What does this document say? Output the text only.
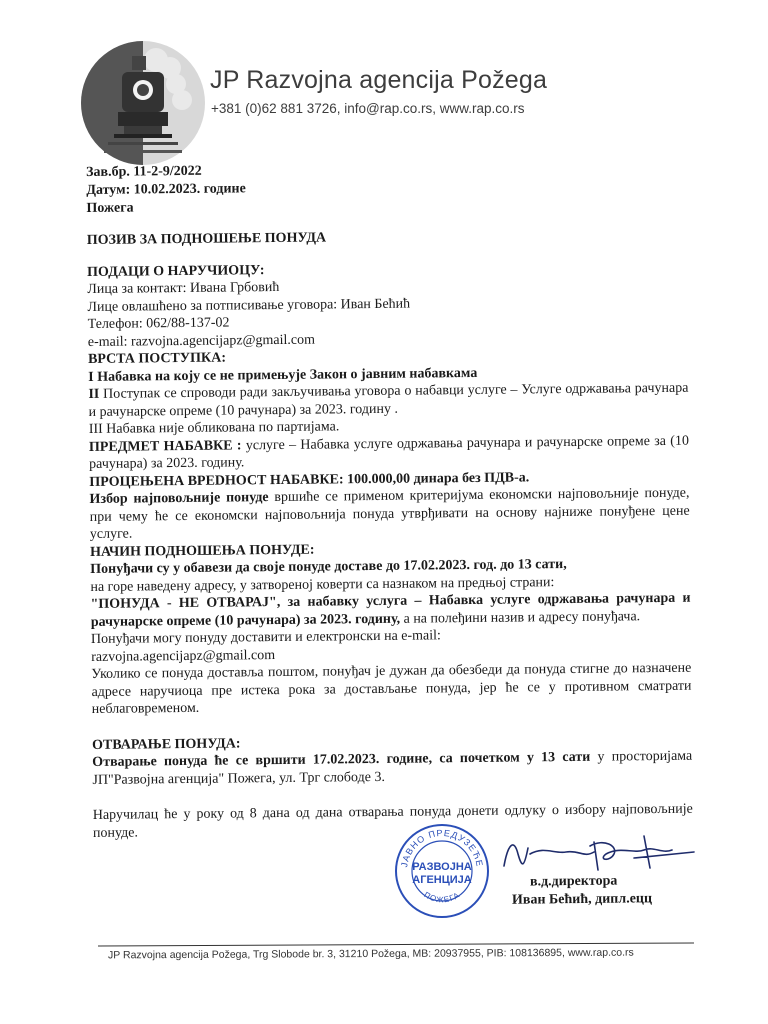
JP Razvojna agencija Požega
+381 (0)62 881 3726, info@rap.co.rs, www.rap.co.rs

Зав.бр. 11-2-9/2022

Датум: 10.02.2023. године

Пожега

ПОЗИВ ЗА ПОДНОШЕЊЕ ПОНУДА

ПОДАЦИ О НАРУЧИОЦУ:

Лица за контакт: Ивана Грбовић

Лице овлашћено за потписивање уговора: Иван Бећић

Телефон: 062/88-137-02

e-mail: razvojna.agencijapz@gmail.com

ВРСТА ПОСТУПКА:

I Набавка на коју се не примењује Закон о јавним набавкама

II Поступак се спроводи ради закључивања уговора о набавци услуге – Услуге одржавања рачунара и рачунарске опреме (10 рачунара) за 2023. годину .

III Набавка није обликована по партијама.

ПРЕДМЕТ НАБАВКЕ : услуге – Набавка услуге одржавања рачунара и рачунарске опреме за (10 рачунара) за 2023. годину.

ПРОЦЕЊЕНА ВРЕDНОСТ НАБАВКЕ: 100.000,00 динара без ПДВ-а.

Избор најповољније понуде вршиће се применом критеријума економски најповољније понуде, при чему ће се економски најповољнија понуда утврђивати на основу најниже понуђене цене услуге.

НАЧИН ПОДНОШЕЊА ПОНУДЕ:

Понуђачи су у обавези да своје понуде доставе до 17.02.2023. год. до 13 сати,

на горе наведену адресу, у затвореној коверти са назнаком на предњој страни:

"ПОНУДА - НЕ ОТВАРАЈ", за набавку услуга – Набавка услуге одржавања рачунара и рачунарске опреме (10 рачунара) за 2023. годину, а на полеђини назив и адресу понуђача.

Понуђачи могу понуду доставити и електронски на e-mail:

razvojna.agencijapz@gmail.com

Уколико се понуда доставља поштом, понуђач је дужан да обезбеди да понуда стигне до назначене адресе наручиоца пре истека рока за достављање понуда, јер ће се у противном сматрати неблаговременом.

ОТВАРАЊЕ ПОНУДА:

Отварање понуда ће се вршити 17.02.2023. године, са почетком у 13 сати у просторијама ЈП"Развојна агенција" Пожега, ул. Трг слободе 3.

Наручилац ће у року од 8 дана од дана отварања понуда донети одлуку о избору најповољније понуде.

ЈАВНО ПРЕДУЗЕЋЕ
ПОЖЕГА
РАЗВОЈНА
АГЕНЦИЈА	в.д.директора
Иван Бећић, дипл.ецц
JP Razvojna agencija Požega, Trg Slobode br. 3, 31210 Požega, MB: 20937955, PIB: 108136895, www.rap.co.rs
